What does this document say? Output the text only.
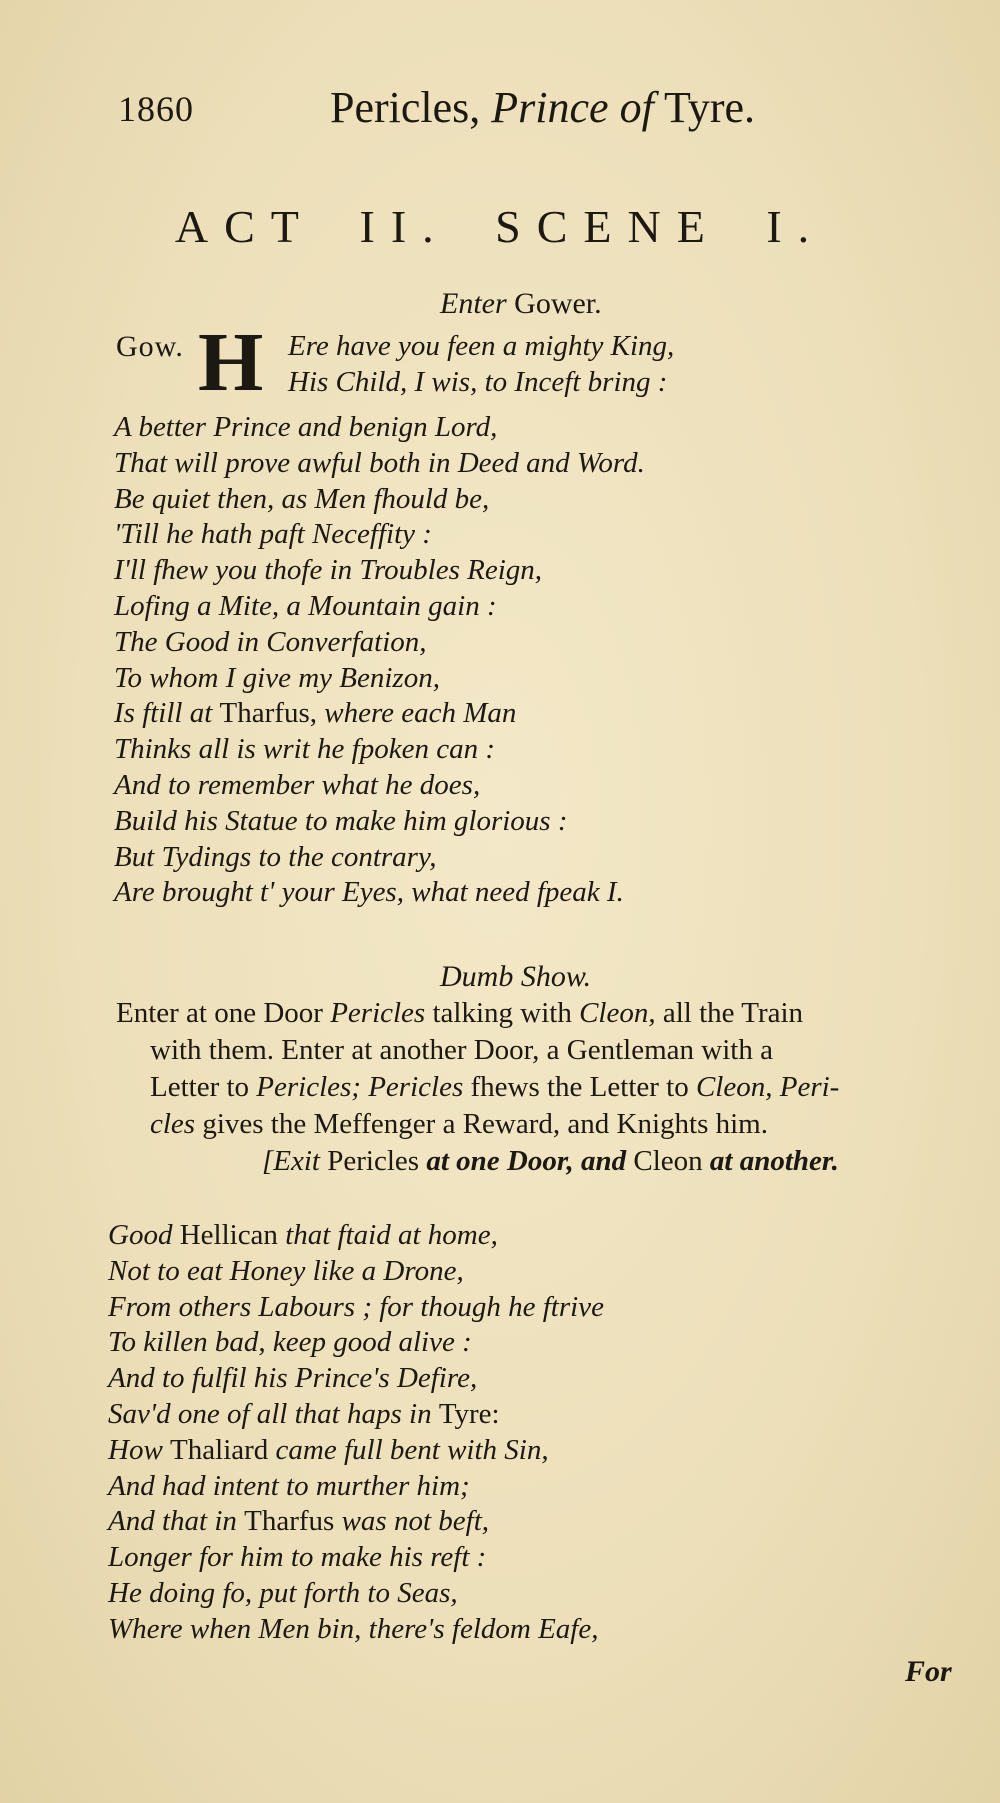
1860	Pericles, Prince of Tyre.
ACT II. SCENE I.
Enter Gower.
Gow. H Ere have you feen a mighty King,
His Child, I wis, to Inceft bring :
A better Prince and benign Lord,
That will prove awful both in Deed and Word.
Be quiet then, as Men fhould be,
'Till he hath paft Neceffity :
I'll fhew you thofe in Troubles Reign,
Lofing a Mite, a Mountain gain :
The Good in Converfation,
To whom I give my Benizon,
Is ftill at Tharfus, where each Man
Thinks all is writ he fpoken can :
And to remember what he does,
Build his Statue to make him glorious :
But Tydings to the contrary,
Are brought t' your Eyes, what need fpeak I.
Dumb Show.
Enter at one Door Pericles talking with Cleon, all the Train
with them. Enter at another Door, a Gentleman with a
Letter to Pericles; Pericles fhews the Letter to Cleon, Peri-
cles gives the Meffenger a Reward, and Knights him.
[Exit Pericles at one Door, and Cleon at another.
Good Hellican that ftaid at home,
Not to eat Honey like a Drone,
From others Labours ; for though he ftrive
To killen bad, keep good alive :
And to fulfil his Prince's Defire,
Sav'd one of all that haps in Tyre:
How Thaliard came full bent with Sin,
And had intent to murther him;
And that in Tharfus was not beft,
Longer for him to make his reft :
He doing fo, put forth to Seas,
Where when Men bin, there's feldom Eafe,
For
